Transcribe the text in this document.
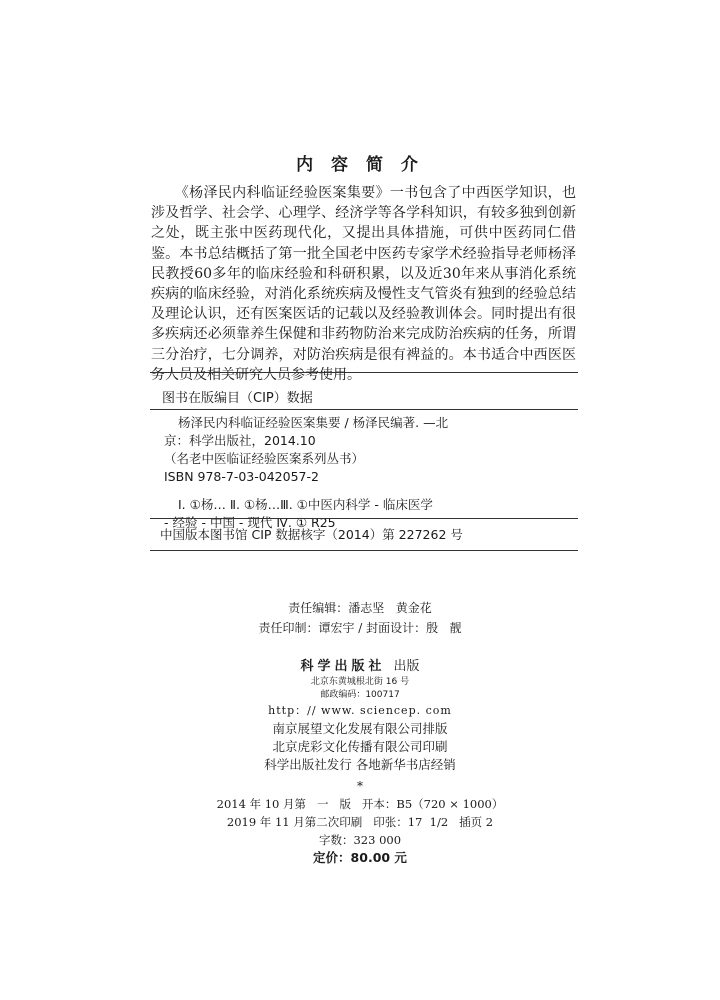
内 容 简 介

《杨泽民内科临证经验医案集要》一书包含了中西医学知识，也涉及哲学、社会学、心理学、经济学等各学科知识，有较多独到创新之处，既主张中医药现代化，又提出具体措施，可供中医药同仁借鉴。本书总结概括了第一批全国老中医药专家学术经验指导老师杨泽民教授60多年的临床经验和科研积累，以及近30年来从事消化系统疾病的临床经验，对消化系统疾病及慢性支气管炎有独到的经验总结及理论认识，还有医案医话的记载以及经验教训体会。同时提出有很多疾病还必须靠养生保健和非药物防治来完成防治疾病的任务，所谓三分治疗，七分调养，对防治疾病是很有裨益的。本书适合中西医医务人员及相关研究人员参考使用。

图书在版编目（CIP）数据
杨泽民内科临证经验医案集要 / 杨泽民编著. —北
京：科学出版社，2014.10
（名老中医临证经验医案系列丛书）
ISBN 978-7-03-042057-2
Ⅰ. ①杨… Ⅱ. ①杨…Ⅲ. ①中医内科学 - 临床医学
- 经验 - 中国 - 现代 Ⅳ. ① R25
中国版本图书馆 CIP 数据核字（2014）第 227262 号
责任编辑：潘志坚   黄金花
责任印制：谭宏宇 / 封面设计：殷   靓
科学出版社 出版
北京东黄城根北街 16 号
邮政编码：100717
http：// www. sciencep. com
南京展望文化发展有限公司排版
北京虎彩文化传播有限公司印刷
科学出版社发行 各地新华书店经销
*
2014 年 10 月第   一   版   开本：B5（720 × 1000）
2019 年 11 月第二次印刷   印张：17  1/2   插页 2
字数：323 000
定价：80.00 元
